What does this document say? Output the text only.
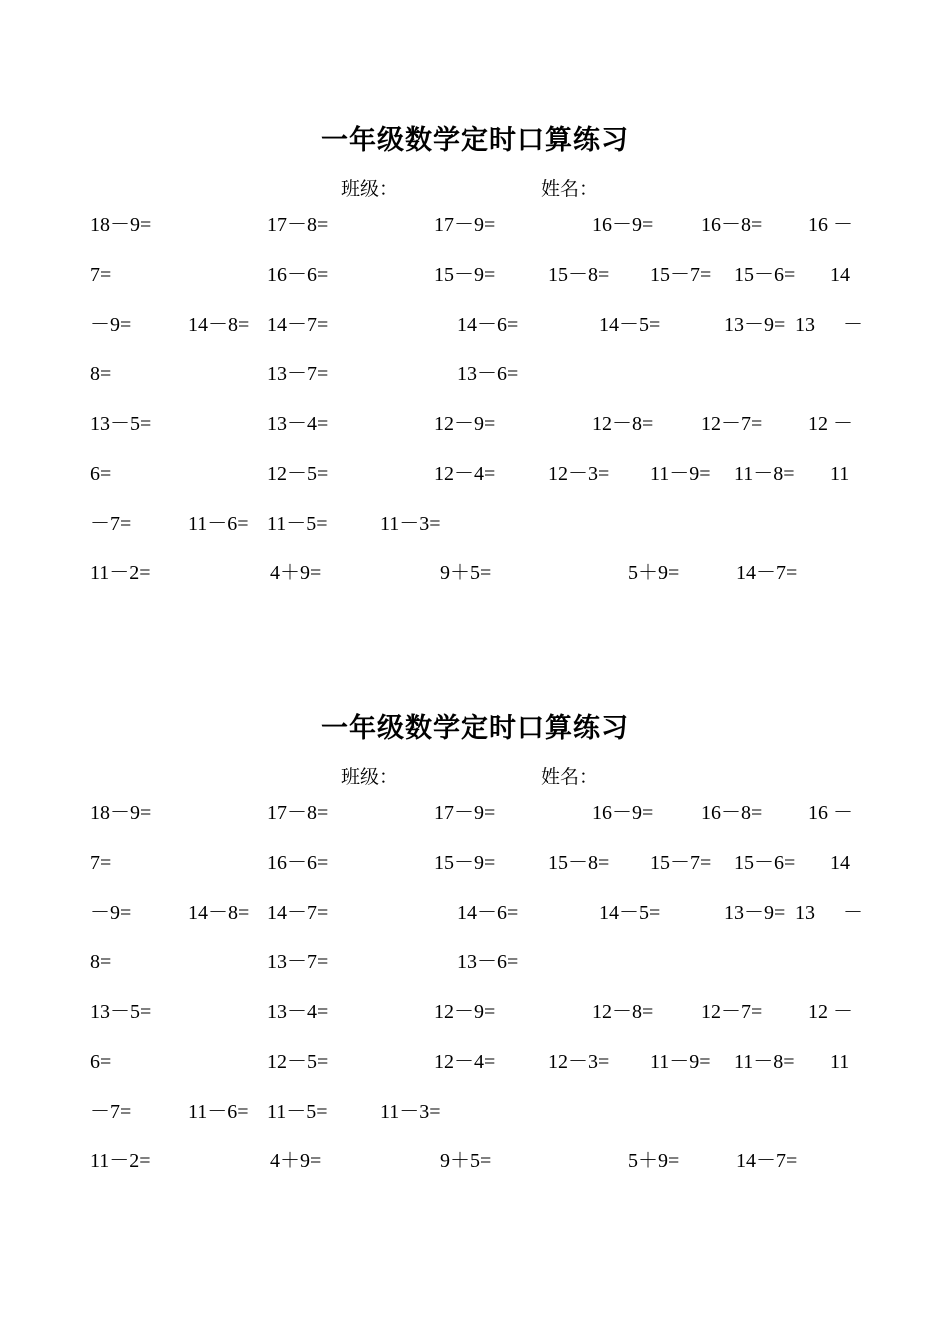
一年级数学定时口算练习
班级：	姓名：
18－9=	17－8=	17－9=	16－9= 16－8= 16 －
7=	16－6=	15－9=	15－8= 15－7= 15－6= 14
－9=	14－8= 14－7=	14－6=	14－5=	13－9= 13 －
8=	13－7=	13－6=
13－5=	13－4=	12－9=	12－8= 12－7= 12 －
6=	12－5=	12－4=	12－3= 11－9= 11－8= 11
－7=	11－6= 11－5=	11－3=
11－2=	4＋9=	9＋5=	5＋9=	14－7=
一年级数学定时口算练习
班级：	姓名：
18－9=	17－8=	17－9=	16－9= 16－8= 16 －
7=	16－6=	15－9=	15－8= 15－7= 15－6= 14
－9=	14－8= 14－7=	14－6=	14－5=	13－9= 13 －
8=	13－7=	13－6=
13－5=	13－4=	12－9=	12－8= 12－7= 12 －
6=	12－5=	12－4=	12－3= 11－9= 11－8= 11
－7=	11－6= 11－5=	11－3=
11－2=	4＋9=	9＋5=	5＋9=	14－7=
